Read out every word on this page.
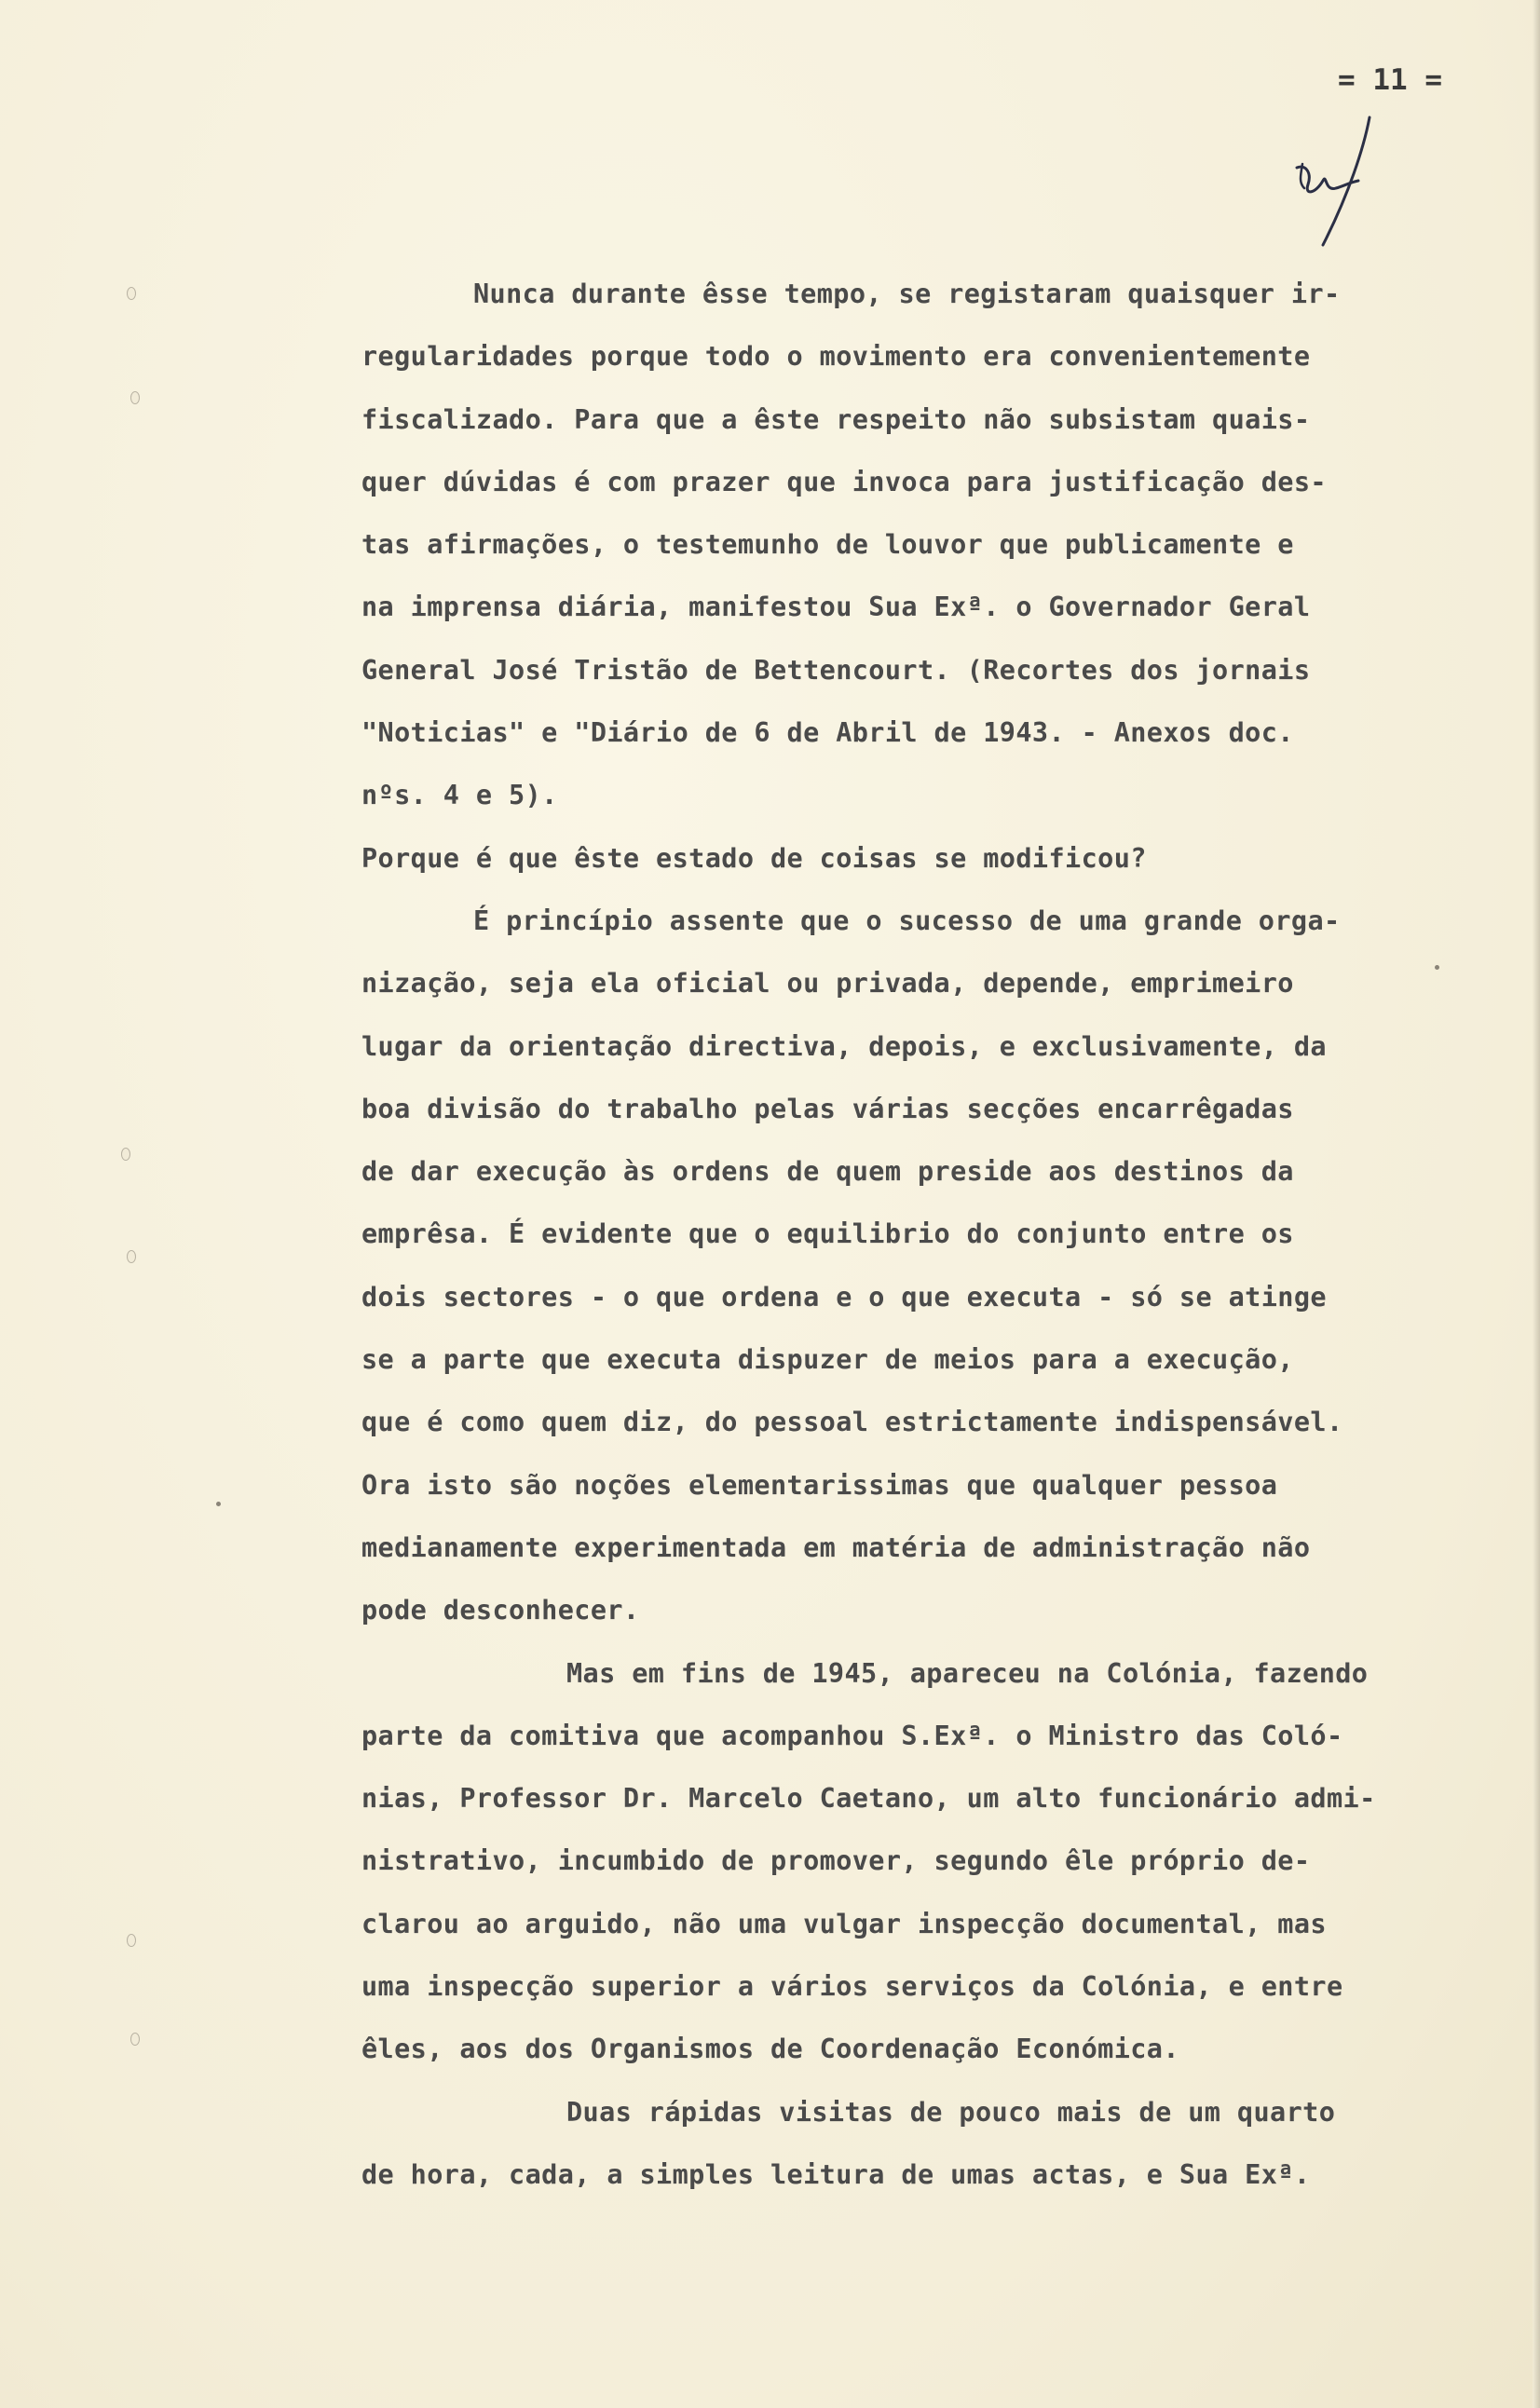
= 11 =
Nunca durante êsse tempo, se registaram quaisquer ir-
regularidades porque todo o movimento era convenientemente
fiscalizado. Para que a êste respeito não subsistam quais-
quer dúvidas é com prazer que invoca para justificação des-
tas afirmações, o testemunho de louvor que publicamente e
na imprensa diária, manifestou Sua Exª. o Governador Geral
General José Tristão de Bettencourt. (Recortes dos jornais
"Noticias" e "Diário de 6 de Abril de 1943. - Anexos doc.
nºs. 4 e 5).
Porque é que êste estado de coisas se modificou?
É princípio assente que o sucesso de uma grande orga-
nização, seja ela oficial ou privada, depende, emprimeiro
lugar da orientação directiva, depois, e exclusivamente, da
boa divisão do trabalho pelas várias secções encarrêgadas
de dar execução às ordens de quem preside aos destinos da
emprêsa. É evidente que o equilibrio do conjunto entre os
dois sectores - o que ordena e o que executa - só se atinge
se a parte que executa dispuzer de meios para a execução,
que é como quem diz, do pessoal estrictamente indispensável.
Ora isto são noções elementarissimas que qualquer pessoa
medianamente experimentada em matéria de administração não
pode desconhecer.
Mas em fins de 1945, apareceu na Colónia, fazendo
parte da comitiva que acompanhou S.Exª. o Ministro das Coló-
nias, Professor Dr. Marcelo Caetano, um alto funcionário admi-
nistrativo, incumbido de promover, segundo êle próprio de-
clarou ao arguido, não uma vulgar inspecção documental, mas
uma inspecção superior a vários serviços da Colónia, e entre
êles, aos dos Organismos de Coordenação Económica.
Duas rápidas visitas de pouco mais de um quarto
de hora, cada, a simples leitura de umas actas, e Sua Exª.
